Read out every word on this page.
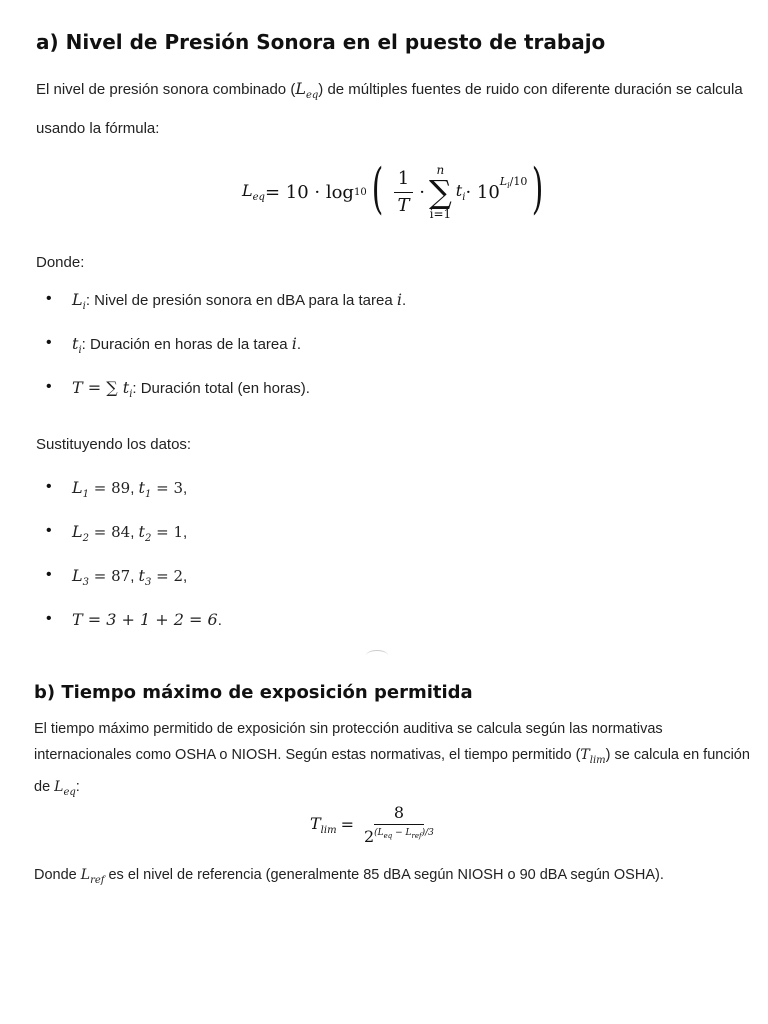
a) Nivel de Presión Sonora en el puesto de trabajo

El nivel de presión sonora combinado $(L_{eq})$ de múltiples fuentes de ruido con diferente duración se calcula usando la fórmula:

$L_{eq} = 10 \cdot \log 10$ ( $\frac{1}{T}$ ·
n
∑
i=1
$t_i \cdot 10$ $^{L_i/10}$ )

Donde:

• $L_i$: Nivel de presión sonora en dBA para la tarea i.
• $t_i$: Duración en horas de la tarea i.
• T = ∑ $t_i$: Duración total (en horas).

Sustituyendo los datos:

• $L_1 = 89$, $t_1 = 3$,
• $L_2 = 84$, $t_2 = 1$,
• $L_3 = 87$, $t_3 = 2$,
• T = 3 + 1 + 2 = 6.
b) Tiempo máximo de exposición permitida

El tiempo máximo permitido de exposición sin protección auditiva se calcula según las normativas internacionales como OSHA o NIOSH. Según estas normativas, el tiempo permitido $(T_{lim})$ se calcula en función de $L_{eq}$:

$T_{lim} = \frac{8}{2^{(L_{eq} - L_{ref})/3}}$

Donde $L_{ref}$ es el nivel de referencia (generalmente 85 dBA según NIOSH o 90 dBA según OSHA).
